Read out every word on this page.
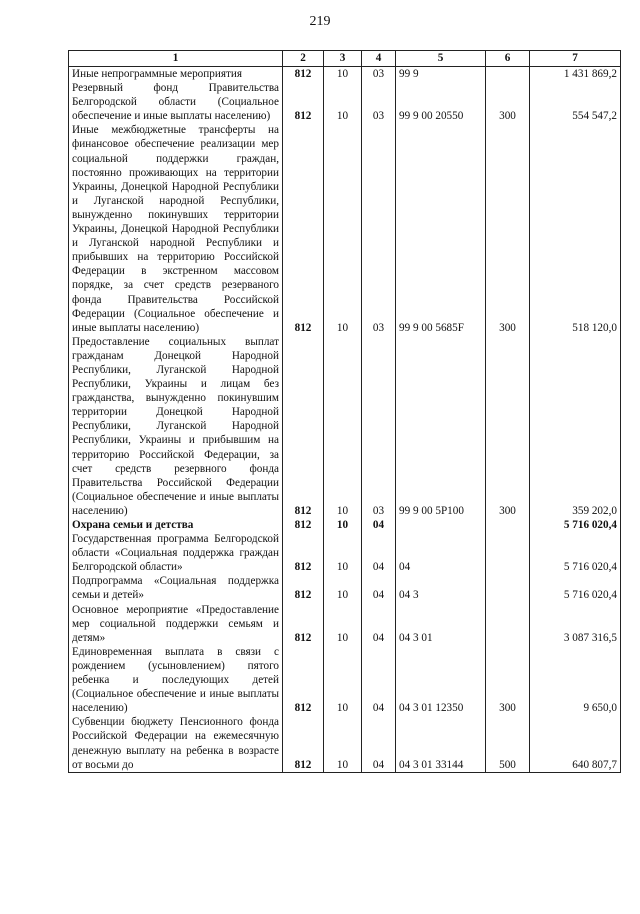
219
1	2	3	4	5	6	7
Иные непрограммные мероприятия	812	10	03	99 9		1 431 869,2
Резервный фонд Правительства Белгородской области (Социальное обеспечение и иные выплаты населению)	812	10	03	99 9 00 20550	300	554 547,2
Иные межбюджетные трансферты на финансовое обеспечение реализации мер социальной поддержки граждан, постоянно проживающих на территории Украины, Донецкой Народной Республики и Луганской народной Республики, вынужденно покинувших территории Украины, Донецкой Народной Республики и Луганской народной Республики и прибывших на территорию Российской Федерации в экстренном массовом порядке, за счет средств резерваного фонда Правительства Российской Федерации (Социальное обеспечение и иные выплаты населению)	812	10	03	99 9 00 5685F	300	518 120,0
Предоставление социальных выплат гражданам Донецкой Народной Республики, Луганской Народной Республики, Украины и лицам без гражданства, вынужденно покинувшим территории Донецкой Народной Республики, Луганской Народной Республики, Украины и прибывшим на территорию Российской Федерации, за счет средств резервного фонда Правительства Российской Федерации (Социальное обеспечение и иные выплаты населению)	812	10	03	99 9 00 5P100	300	359 202,0
Охрана семьи и детства	812	10	04			5 716 020,4
Государственная программа Белгородской области «Социальная поддержка граждан Белгородской области»	812	10	04	04		5 716 020,4
Подпрограмма «Социальная поддержка семьи и детей»	812	10	04	04 3		5 716 020,4
Основное мероприятие «Предоставление мер социальной поддержки семьям и детям»	812	10	04	04 3 01		3 087 316,5
Единовременная выплата в связи с рождением (усыновлением) пятого ребенка и последующих детей (Социальное обеспечение и иные выплаты населению)	812	10	04	04 3 01 12350	300	9 650,0
Субвенции бюджету Пенсионного фонда Российской Федерации на ежемесячную денежную выплату на ребенка в возрасте от восьми до	812	10	04	04 3 01 33144	500	640 807,7
